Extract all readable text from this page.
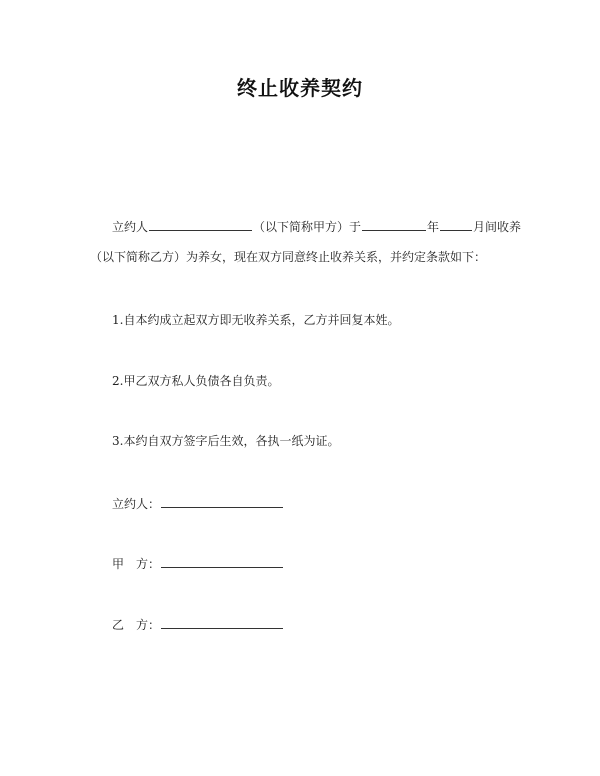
终止收养契约
立约人	（以下简称甲方）于	年	月间收养
（以下简称乙方）为养女，现在双方同意终止收养关系，并约定条款如下：
1.自本约成立起双方即无收养关系，乙方并回复本姓。
2.甲乙双方私人负债各自负责。
3.本约自双方签字后生效，各执一纸为证。
立约人：
甲　方：
乙　方：
